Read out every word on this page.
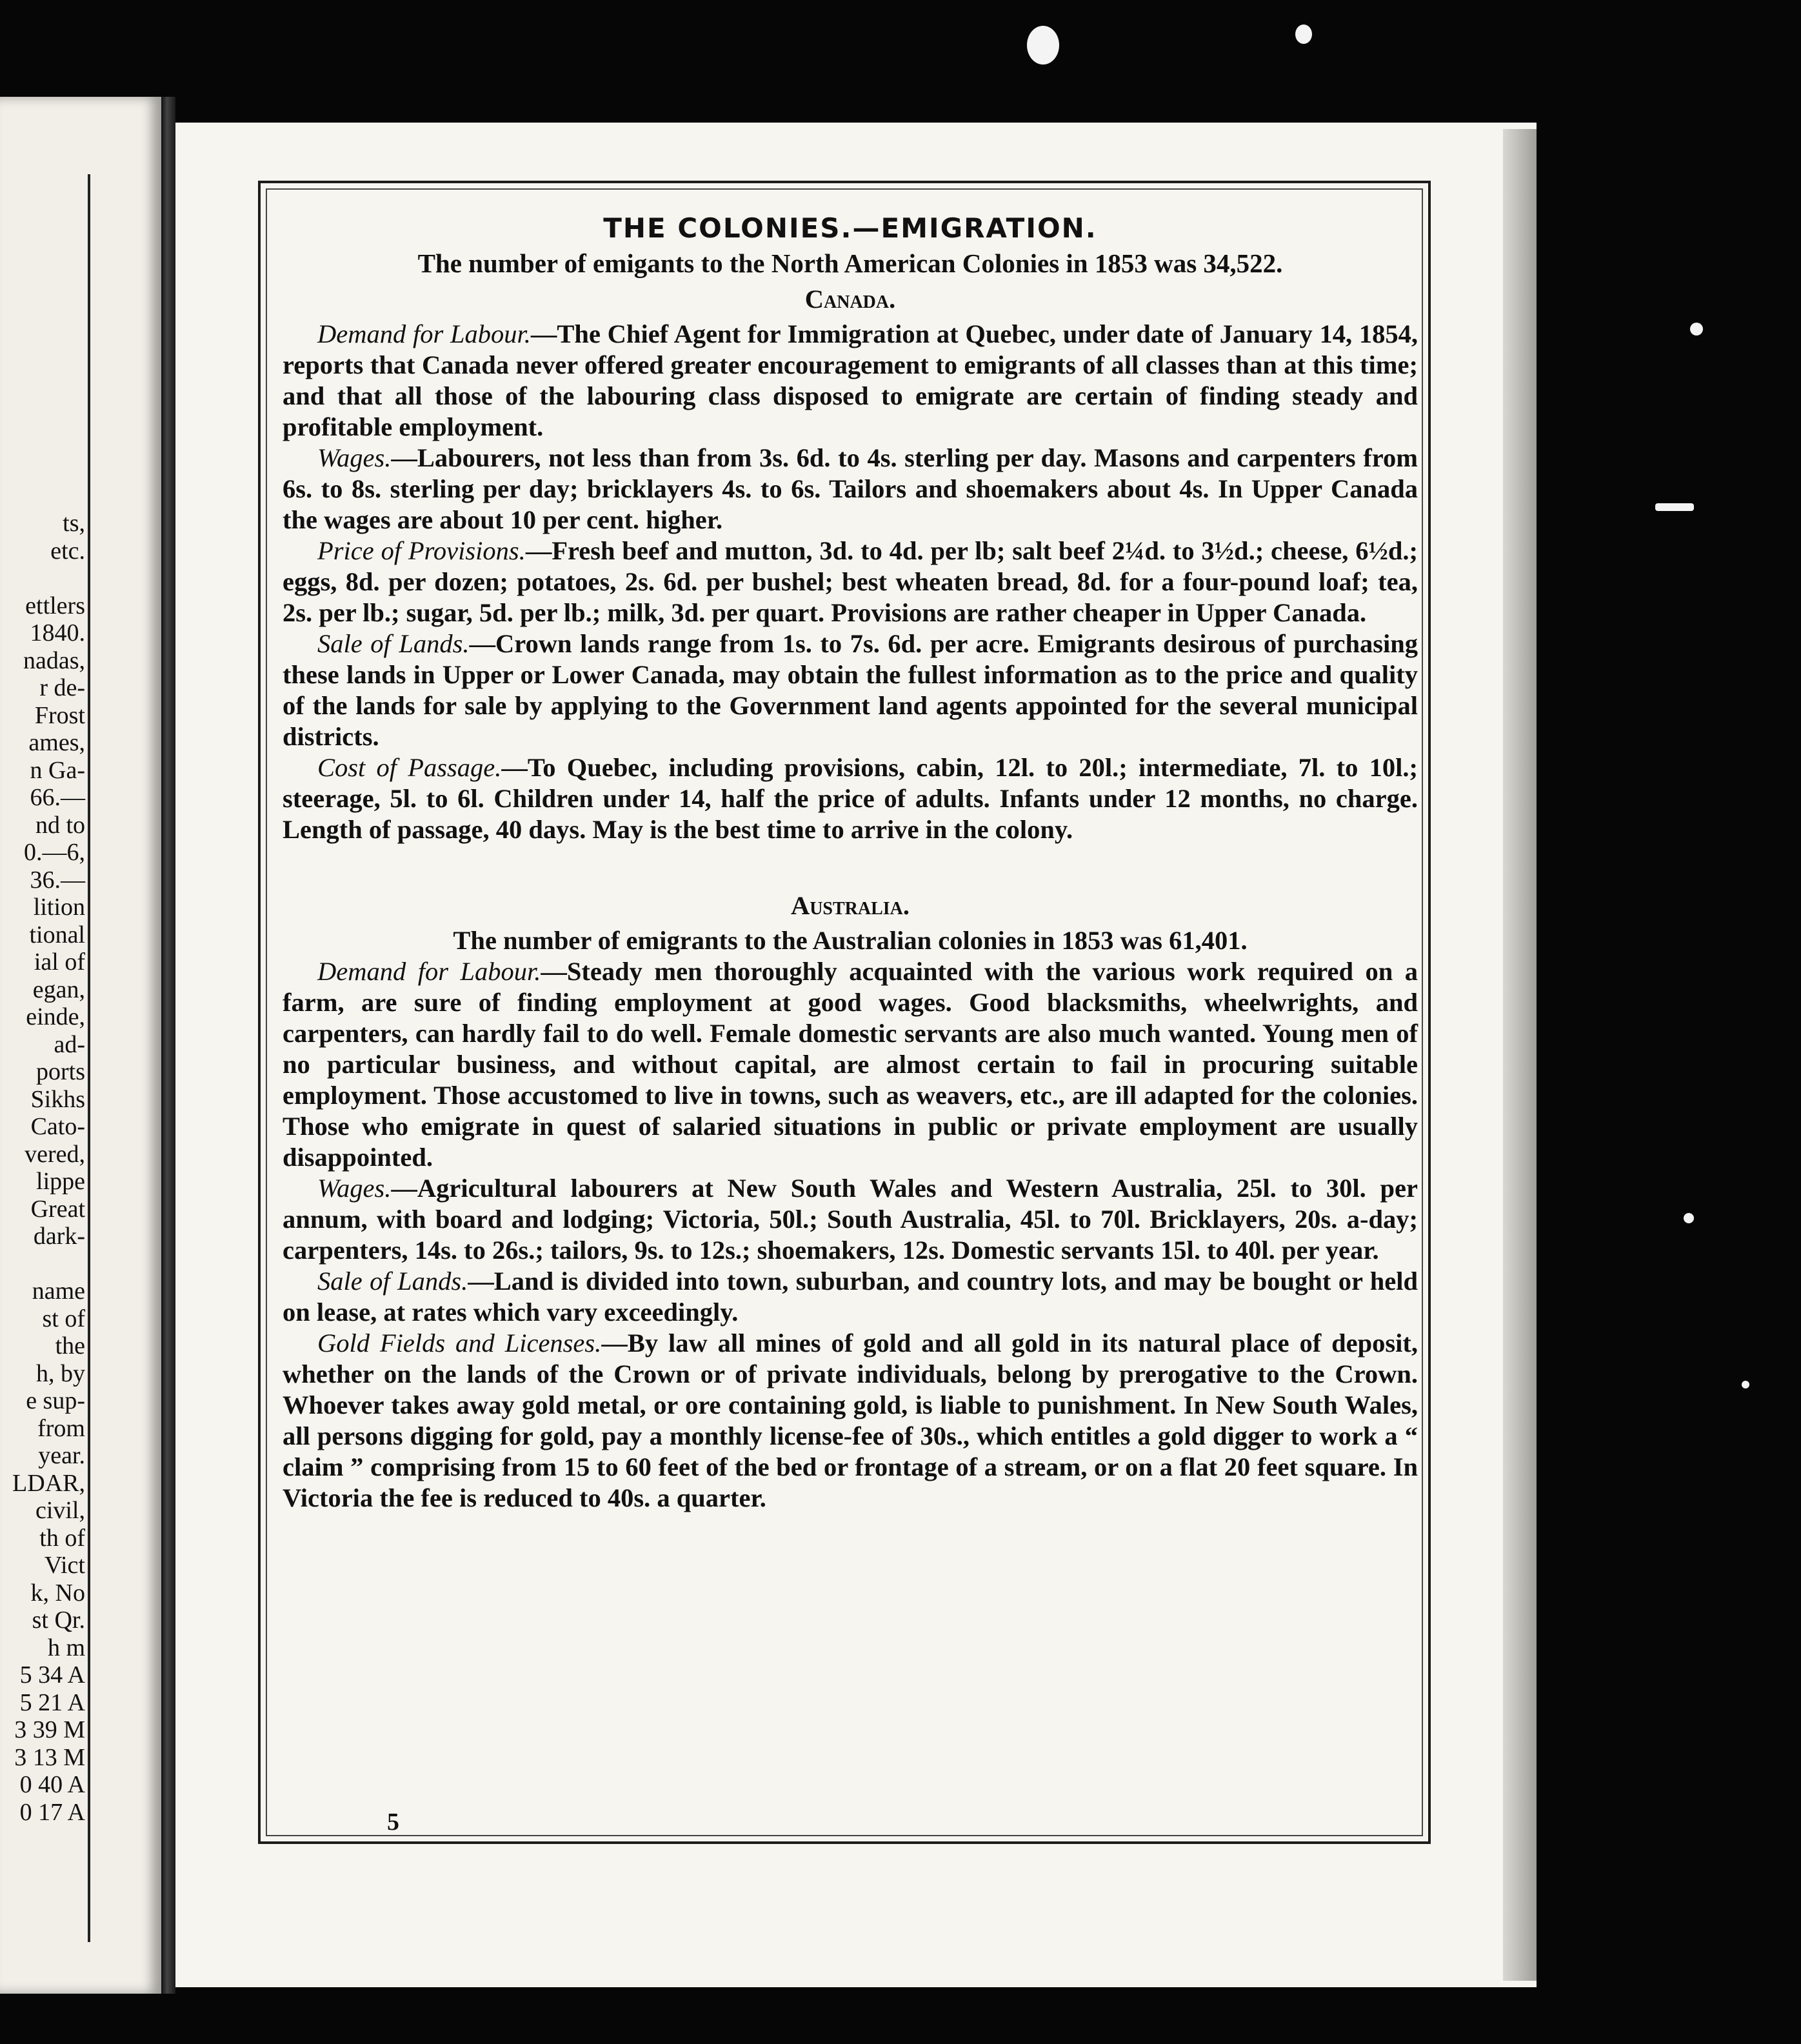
ts,
etc.
ettlers
1840.
nadas,
r de-
Frost
ames,
n Ga-
66.—
nd to
0.—6,
36.—
lition
tional
ial of
egan,
einde,
ad-
ports
Sikhs
Cato-
vered,
lippe
Great
dark-
name
st of
the
h, by
e sup-
from
year.
LDAR,
civil,
th of
Vict
k, No
st Qr.
h m
5 34 A
5 21 A
3 39 M
3 13 M
0 40 A
0 17 A
THE COLONIES.—EMIGRATION.
The number of emigants to the North American Colonies in 1853 was 34,522.
Canada.

Demand for Labour.—The Chief Agent for Immigration at Quebec, under date of January 14, 1854, reports that Canada never offered greater encouragement to emigrants of all classes than at this time; and that all those of the labouring class disposed to emigrate are certain of finding steady and profitable employment.

Wages.—Labourers, not less than from 3s. 6d. to 4s. sterling per day. Masons and carpenters from 6s. to 8s. sterling per day; bricklayers 4s. to 6s. Tailors and shoemakers about 4s. In Upper Canada the wages are about 10 per cent. higher.

Price of Provisions.—Fresh beef and mutton, 3d. to 4d. per lb; salt beef 2¼d. to 3½d.; cheese, 6½d.; eggs, 8d. per dozen; potatoes, 2s. 6d. per bushel; best wheaten bread, 8d. for a four-pound loaf; tea, 2s. per lb.; sugar, 5d. per lb.; milk, 3d. per quart. Provisions are rather cheaper in Upper Canada.

Sale of Lands.—Crown lands range from 1s. to 7s. 6d. per acre. Emigrants desirous of purchasing these lands in Upper or Lower Canada, may obtain the fullest information as to the price and quality of the lands for sale by applying to the Government land agents appointed for the several municipal districts.

Cost of Passage.—To Quebec, including provisions, cabin, 12l. to 20l.; intermediate, 7l. to 10l.; steerage, 5l. to 6l. Children under 14, half the price of adults. Infants under 12 months, no charge. Length of passage, 40 days. May is the best time to arrive in the colony.

Australia.

The number of emigrants to the Australian colonies in 1853 was 61,401.

Demand for Labour.—Steady men thoroughly acquainted with the various work required on a farm, are sure of finding employment at good wages. Good blacksmiths, wheelwrights, and carpenters, can hardly fail to do well. Female domestic servants are also much wanted. Young men of no particular business, and without capital, are almost certain to fail in procuring suitable employment. Those accustomed to live in towns, such as weavers, etc., are ill adapted for the colonies. Those who emigrate in quest of salaried situations in public or private employment are usually disappointed.

Wages.—Agricultural labourers at New South Wales and Western Australia, 25l. to 30l. per annum, with board and lodging; Victoria, 50l.; South Australia, 45l. to 70l. Bricklayers, 20s. a-day; carpenters, 14s. to 26s.; tailors, 9s. to 12s.; shoemakers, 12s. Domestic servants 15l. to 40l. per year.

Sale of Lands.—Land is divided into town, suburban, and country lots, and may be bought or held on lease, at rates which vary exceedingly.

Gold Fields and Licenses.—By law all mines of gold and all gold in its natural place of deposit, whether on the lands of the Crown or of private individuals, belong by prerogative to the Crown. Whoever takes away gold metal, or ore containing gold, is liable to punishment. In New South Wales, all persons digging for gold, pay a monthly license-fee of 30s., which entitles a gold digger to work a “ claim ” comprising from 15 to 60 feet of the bed or frontage of a stream, or on a flat 20 feet square. In Victoria the fee is reduced to 40s. a quarter.

5
